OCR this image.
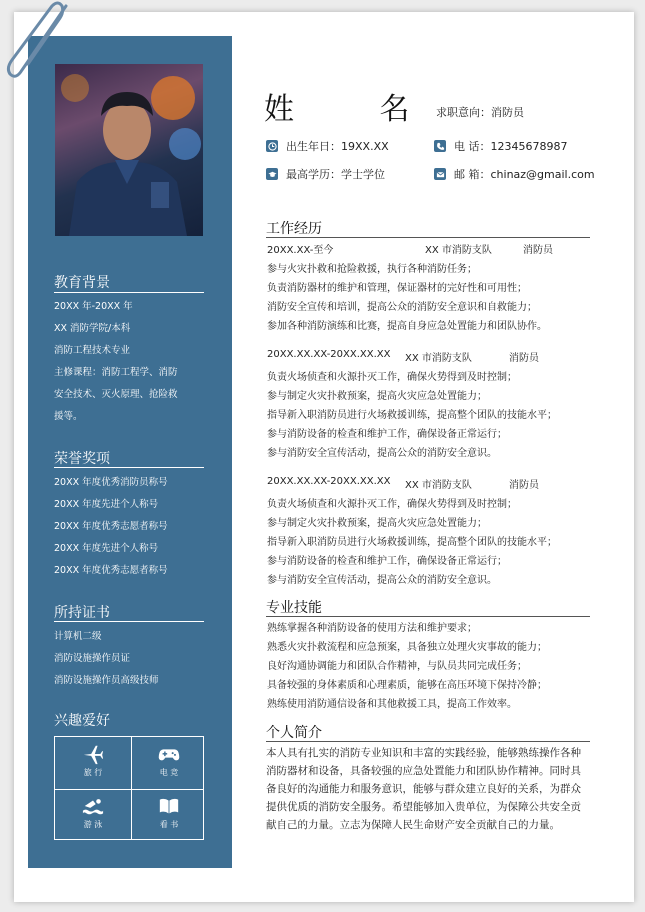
教育背景
20XX 年-20XX 年
XX 消防学院/本科
消防工程技术专业
主修课程：消防工程学、消防
安全技术、灭火原理、抢险救
援等。
荣誉奖项
20XX 年度优秀消防员称号
20XX 年度先进个人称号
20XX 年度优秀志愿者称号
20XX 年度先进个人称号
20XX 年度优秀志愿者称号
所持证书
计算机二级
消防设施操作员证
消防设施操作员高级技师
兴趣爱好
旅 行	电 竞
游 泳	看 书
姓 名
求职意向：消防员
出生年日：19XX.XX	电 话：12345678987
最高学历：学士学位	邮 箱：chinaz@gmail.com
工作经历
20XX.XX-至今	XX 市消防支队	消防员
参与火灾扑救和抢险救援，执行各种消防任务；
负责消防器材的维护和管理，保证器材的完好性和可用性；
消防安全宣传和培训，提高公众的消防安全意识和自救能力；
参加各种消防演练和比赛，提高自身应急处置能力和团队协作。
20XX.XX.XX-20XX.XX.XX XX 市消防支队	消防员
负责火场侦查和火源扑灭工作，确保火势得到及时控制；
参与制定火灾扑救预案，提高火灾应急处置能力；
指导新入职消防员进行火场救援训练，提高整个团队的技能水平；
参与消防设备的检查和维护工作，确保设备正常运行；
参与消防安全宣传活动，提高公众的消防安全意识。
20XX.XX.XX-20XX.XX.XX XX 市消防支队	消防员
负责火场侦查和火源扑灭工作，确保火势得到及时控制；
参与制定火灾扑救预案，提高火灾应急处置能力；
指导新入职消防员进行火场救援训练，提高整个团队的技能水平；
参与消防设备的检查和维护工作，确保设备正常运行；
参与消防安全宣传活动，提高公众的消防安全意识。
专业技能
熟练掌握各种消防设备的使用方法和维护要求；
熟悉火灾扑救流程和应急预案，具备独立处理火灾事故的能力；
良好沟通协调能力和团队合作精神，与队员共同完成任务；
具备较强的身体素质和心理素质，能够在高压环境下保持冷静；
熟练使用消防通信设备和其他救援工具，提高工作效率。
个人简介
本人具有扎实的消防专业知识和丰富的实践经验，能够熟练操作各种消防器材和设备，具备较强的应急处置能力和团队协作精神。同时具备良好的沟通能力和服务意识，能够与群众建立良好的关系，为群众提供优质的消防安全服务。希望能够加入贵单位，为保障公共安全贡献自己的力量。立志为保障人民生命财产安全贡献自己的力量。
